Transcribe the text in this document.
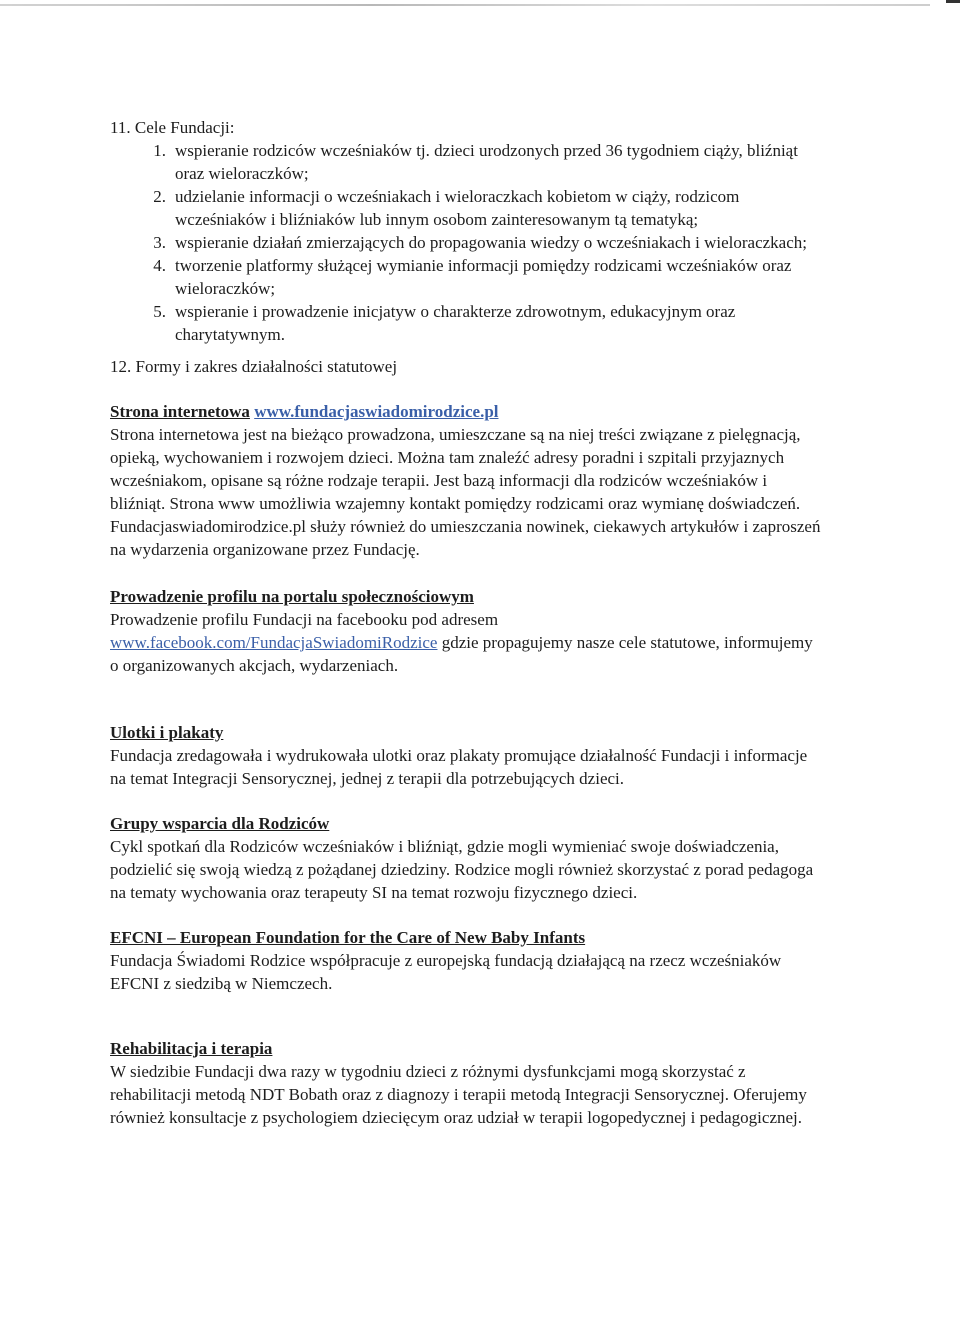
11. Cele Fundacji:

1. wspieranie rodziców wcześniaków tj. dzieci urodzonych przed 36 tygodniem ciąży, bliźniąt oraz wieloraczków;
2. udzielanie informacji o wcześniakach i wieloraczkach kobietom w ciąży, rodzicom wcześniaków i bliźniaków lub innym osobom zainteresowanym tą tematyką;
3. wspieranie działań zmierzających do propagowania wiedzy o wcześniakach i wieloraczkach;
4. tworzenie platformy służącej wymianie informacji pomiędzy rodzicami wcześniaków oraz wieloraczków;
5. wspieranie i prowadzenie inicjatyw o charakterze zdrowotnym, edukacyjnym oraz charytatywnym.

12. Formy i zakres działalności statutowej

Strona internetowa www.fundacjaswiadomirodzice.pl

Strona internetowa jest na bieżąco prowadzona, umieszczane są na niej treści związane z pielęgnacją, opieką, wychowaniem i rozwojem dzieci. Można tam znaleźć adresy poradni i szpitali przyjaznych wcześniakom, opisane są różne rodzaje terapii. Jest bazą informacji dla rodziców wcześniaków i bliźniąt. Strona www umożliwia wzajemny kontakt pomiędzy rodzicami oraz wymianę doświadczeń. Fundacjaswiadomirodzice.pl służy również do umieszczania nowinek, ciekawych artykułów i zaproszeń na wydarzenia organizowane przez Fundację.

Prowadzenie profilu na portalu społecznościowym

Prowadzenie profilu Fundacji na facebooku pod adresem

www.facebook.com/FundacjaSwiadomiRodzice gdzie propagujemy nasze cele statutowe, informujemy o organizowanych akcjach, wydarzeniach.

Ulotki i plakaty

Fundacja zredagowała i wydrukowała ulotki oraz plakaty promujące działalność Fundacji i informacje na temat Integracji Sensorycznej, jednej z terapii dla potrzebujących dzieci.

Grupy wsparcia dla Rodziców

Cykl spotkań dla Rodziców wcześniaków i bliźniąt, gdzie mogli wymieniać swoje doświadczenia, podzielić się swoją wiedzą z pożądanej dziedziny. Rodzice mogli również skorzystać z porad pedagoga na tematy wychowania oraz terapeuty SI na temat rozwoju fizycznego dzieci.

EFCNI – European Foundation for the Care of New Baby Infants

Fundacja Świadomi Rodzice współpracuje z europejską fundacją działającą na rzecz wcześniaków EFCNI z siedzibą w Niemczech.

Rehabilitacja i terapia

W siedzibie Fundacji dwa razy w tygodniu dzieci z różnymi dysfunkcjami mogą skorzystać z rehabilitacji metodą NDT Bobath oraz z diagnozy i terapii metodą Integracji Sensorycznej. Oferujemy również konsultacje z psychologiem dziecięcym oraz udział w terapii logopedycznej i pedagogicznej.
